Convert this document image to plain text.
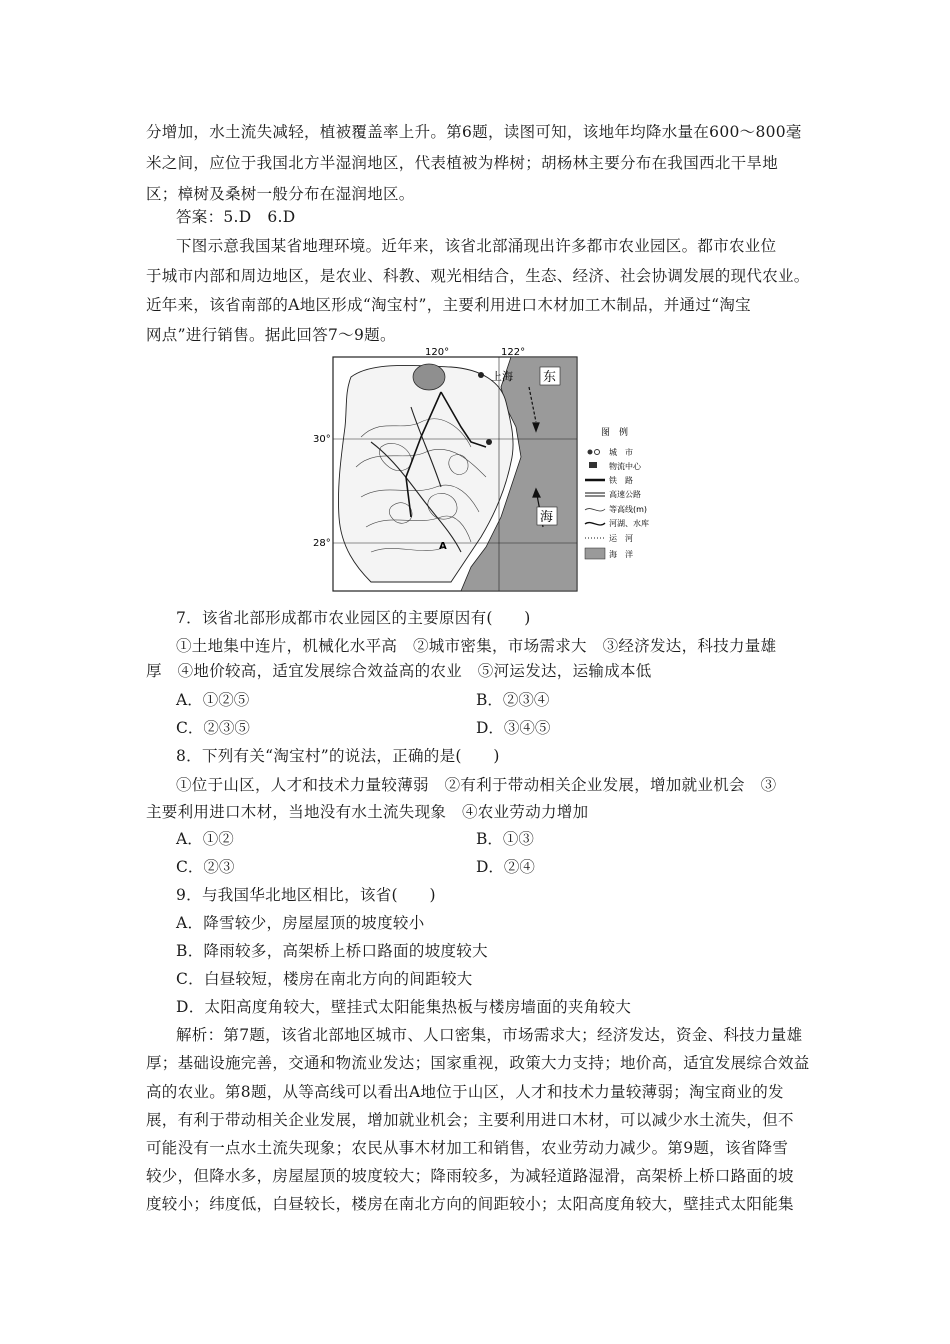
分增加，水土流失减轻，植被覆盖率上升。第6题，读图可知，该地年均降水量在600～800毫
米之间，应位于我国北方半湿润地区，代表植被为桦树；胡杨林主要分布在我国西北干旱地
区；樟树及桑树一般分布在湿润地区。
答案：5.D　6.D
下图示意我国某省地理环境。近年来，该省北部涌现出许多都市农业园区。都市农业位
于城市内部和周边地区，是农业、科教、观光相结合，生态、经济、社会协调发展的现代农业。
近年来，该省南部的A地区形成“淘宝村”，主要利用进口木材加工木制品，并通过“淘宝
网点”进行销售。据此回答7～9题。
120°	122°
30°
28°
上海 东
海
A
图　例
城　市
物流中心
铁　路
高速公路
等高线(m)
河湖、水库
运　河
海　洋
7．该省北部形成都市农业园区的主要原因有(　　)
①土地集中连片，机械化水平高　②城市密集，市场需求大　③经济发达，科技力量雄
厚　④地价较高，适宜发展综合效益高的农业　⑤河运发达，运输成本低
A．①②⑤	B．②③④
C．②③⑤	D．③④⑤
8．下列有关“淘宝村”的说法，正确的是(　　)
①位于山区，人才和技术力量较薄弱　②有利于带动相关企业发展，增加就业机会　③
主要利用进口木材，当地没有水土流失现象　④农业劳动力增加
A．①②	B．①③
C．②③	D．②④
9．与我国华北地区相比，该省(　　)
A．降雪较少，房屋屋顶的坡度较小
B．降雨较多，高架桥上桥口路面的坡度较大
C．白昼较短，楼房在南北方向的间距较大
D．太阳高度角较大，壁挂式太阳能集热板与楼房墙面的夹角较大
解析：第7题，该省北部地区城市、人口密集，市场需求大；经济发达，资金、科技力量雄
厚；基础设施完善，交通和物流业发达；国家重视，政策大力支持；地价高，适宜发展综合效益
高的农业。第8题，从等高线可以看出A地位于山区，人才和技术力量较薄弱；淘宝商业的发
展，有利于带动相关企业发展，增加就业机会；主要利用进口木材，可以减少水土流失，但不
可能没有一点水土流失现象；农民从事木材加工和销售，农业劳动力减少。第9题，该省降雪
较少，但降水多，房屋屋顶的坡度较大；降雨较多，为减轻道路湿滑，高架桥上桥口路面的坡
度较小；纬度低，白昼较长，楼房在南北方向的间距较小；太阳高度角较大，壁挂式太阳能集
